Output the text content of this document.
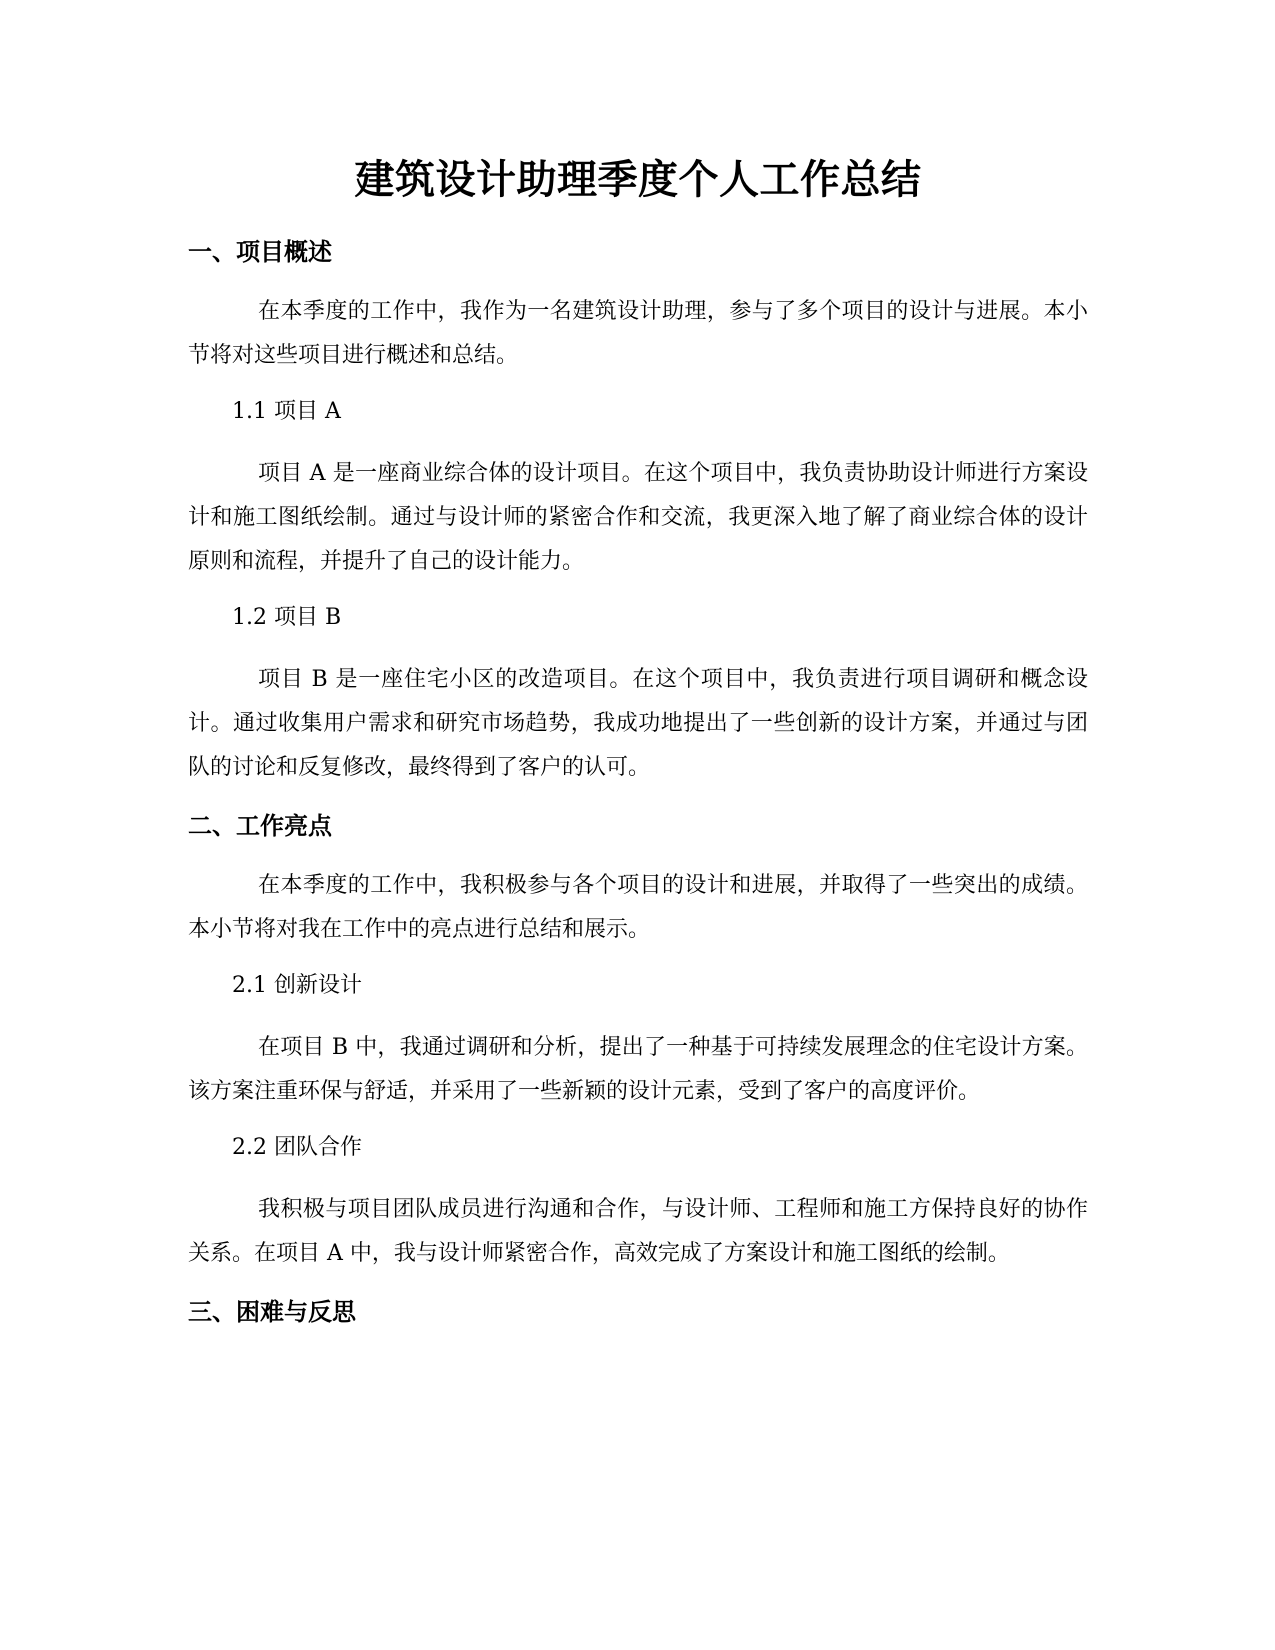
建筑设计助理季度个人工作总结
一、项目概述

在本季度的工作中，我作为一名建筑设计助理，参与了多个项目的设计与进展。本小节将对这些项目进行概述和总结。

1.1 项目 A

项目 A 是一座商业综合体的设计项目。在这个项目中，我负责协助设计师进行方案设计和施工图纸绘制。通过与设计师的紧密合作和交流，我更深入地了解了商业综合体的设计原则和流程，并提升了自己的设计能力。

1.2 项目 B

项目 B 是一座住宅小区的改造项目。在这个项目中，我负责进行项目调研和概念设计。通过收集用户需求和研究市场趋势，我成功地提出了一些创新的设计方案，并通过与团队的讨论和反复修改，最终得到了客户的认可。

二、工作亮点

在本季度的工作中，我积极参与各个项目的设计和进展，并取得了一些突出的成绩。本小节将对我在工作中的亮点进行总结和展示。

2.1 创新设计

在项目 B 中，我通过调研和分析，提出了一种基于可持续发展理念的住宅设计方案。该方案注重环保与舒适，并采用了一些新颖的设计元素，受到了客户的高度评价。

2.2 团队合作

我积极与项目团队成员进行沟通和合作，与设计师、工程师和施工方保持良好的协作关系。在项目 A 中，我与设计师紧密合作，高效完成了方案设计和施工图纸的绘制。

三、困难与反思
